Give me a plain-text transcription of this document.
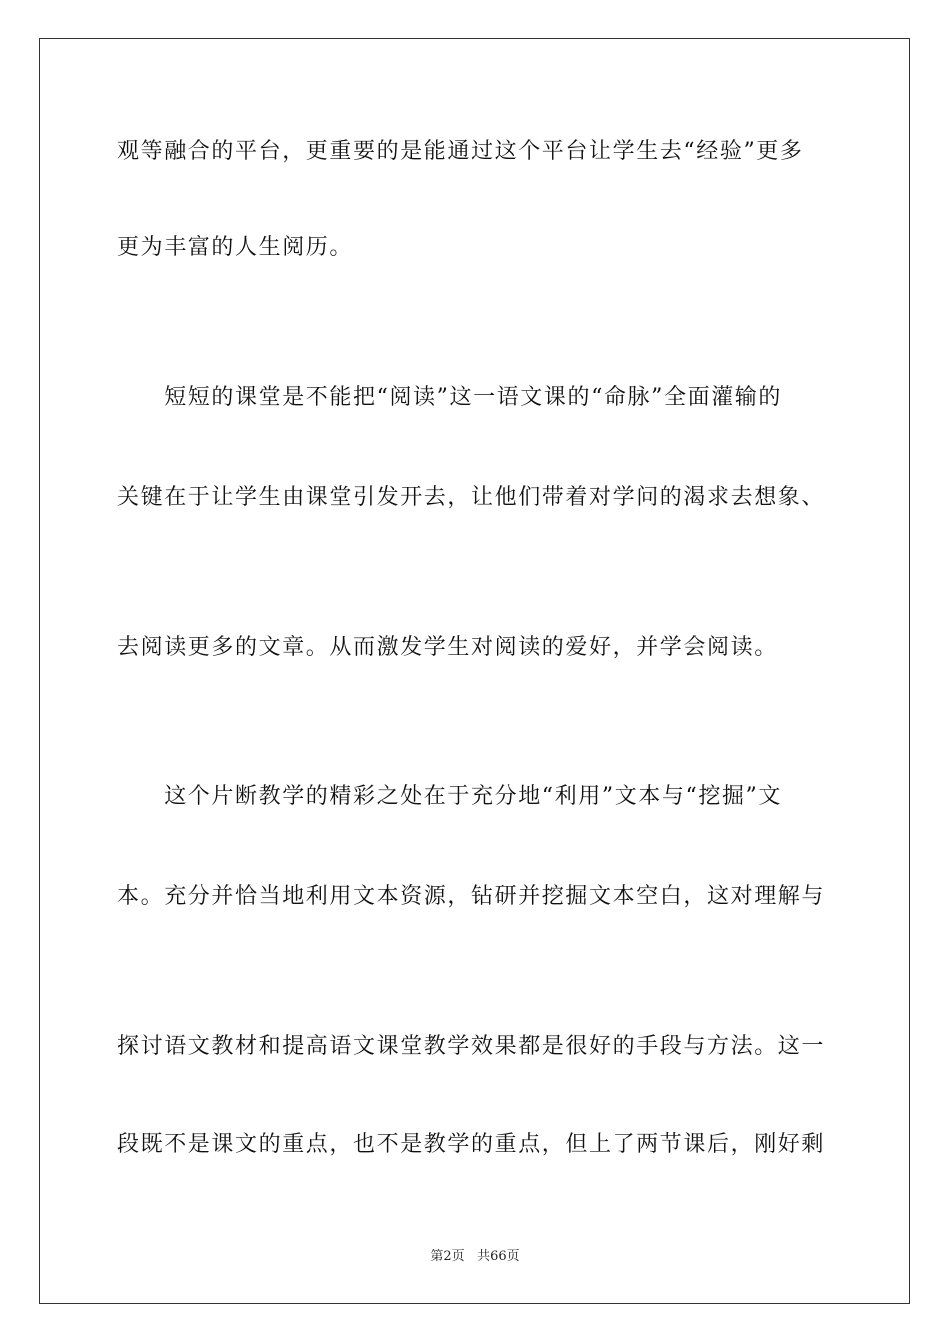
观等融合的平台，更重要的是能通过这个平台让学生去“经验”更多
更为丰富的人生阅历。
　　短短的课堂是不能把“阅读”这一语文课的“命脉”全面灌输的
关键在于让学生由课堂引发开去，让他们带着对学问的渴求去想象、
去阅读更多的文章。从而激发学生对阅读的爱好，并学会阅读。
　　这个片断教学的精彩之处在于充分地“利用”文本与“挖掘”文
本。充分并恰当地利用文本资源，钻研并挖掘文本空白，这对理解与
探讨语文教材和提高语文课堂教学效果都是很好的手段与方法。这一
段既不是课文的重点，也不是教学的重点，但上了两节课后，刚好剩
第2页 共66页
